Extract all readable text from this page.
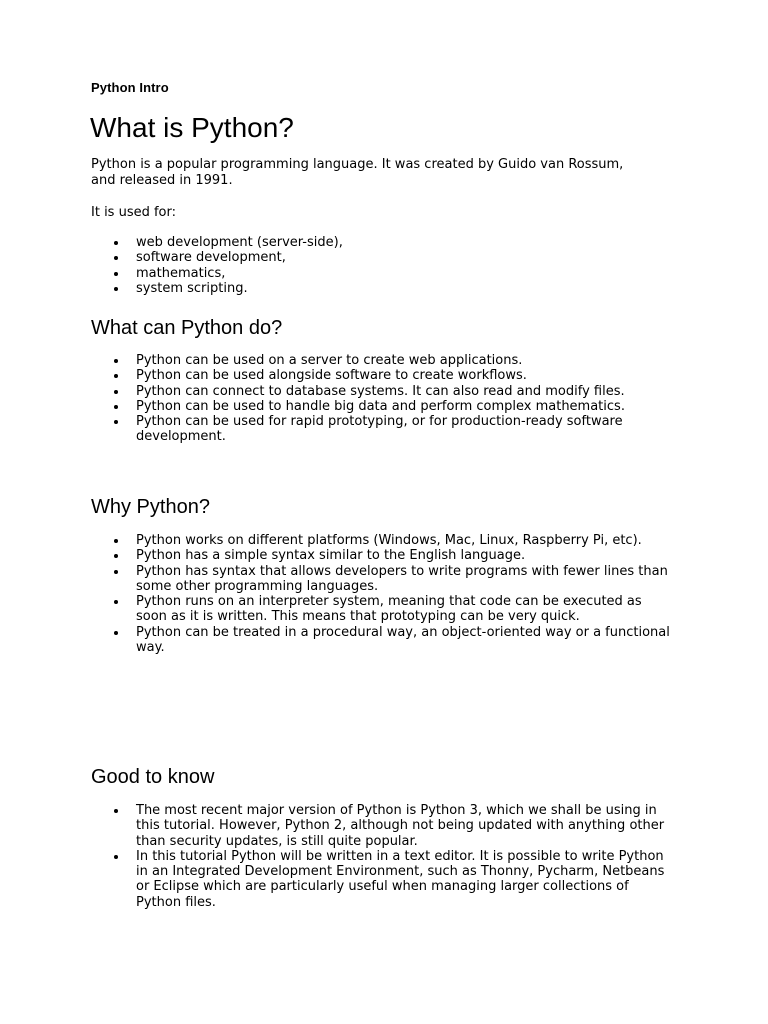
Python Intro
What is Python?

Python is a popular programming language. It was created by Guido van Rossum, and released in 1991.

It is used for:

web development (server-side),
software development,
mathematics,
system scripting.
What can Python do?
Python can be used on a server to create web applications.
Python can be used alongside software to create workflows.
Python can connect to database systems. It can also read and modify files.
Python can be used to handle big data and perform complex mathematics.
Python can be used for rapid prototyping, or for production-ready software development.
Why Python?
Python works on different platforms (Windows, Mac, Linux, Raspberry Pi, etc).
Python has a simple syntax similar to the English language.
Python has syntax that allows developers to write programs with fewer lines than some other programming languages.
Python runs on an interpreter system, meaning that code can be executed as soon as it is written. This means that prototyping can be very quick.
Python can be treated in a procedural way, an object-oriented way or a functional way.
Good to know
The most recent major version of Python is Python 3, which we shall be using in this tutorial. However, Python 2, although not being updated with anything other than security updates, is still quite popular.
In this tutorial Python will be written in a text editor. It is possible to write Python in an Integrated Development Environment, such as Thonny, Pycharm, Netbeans or Eclipse which are particularly useful when managing larger collections of Python files.
